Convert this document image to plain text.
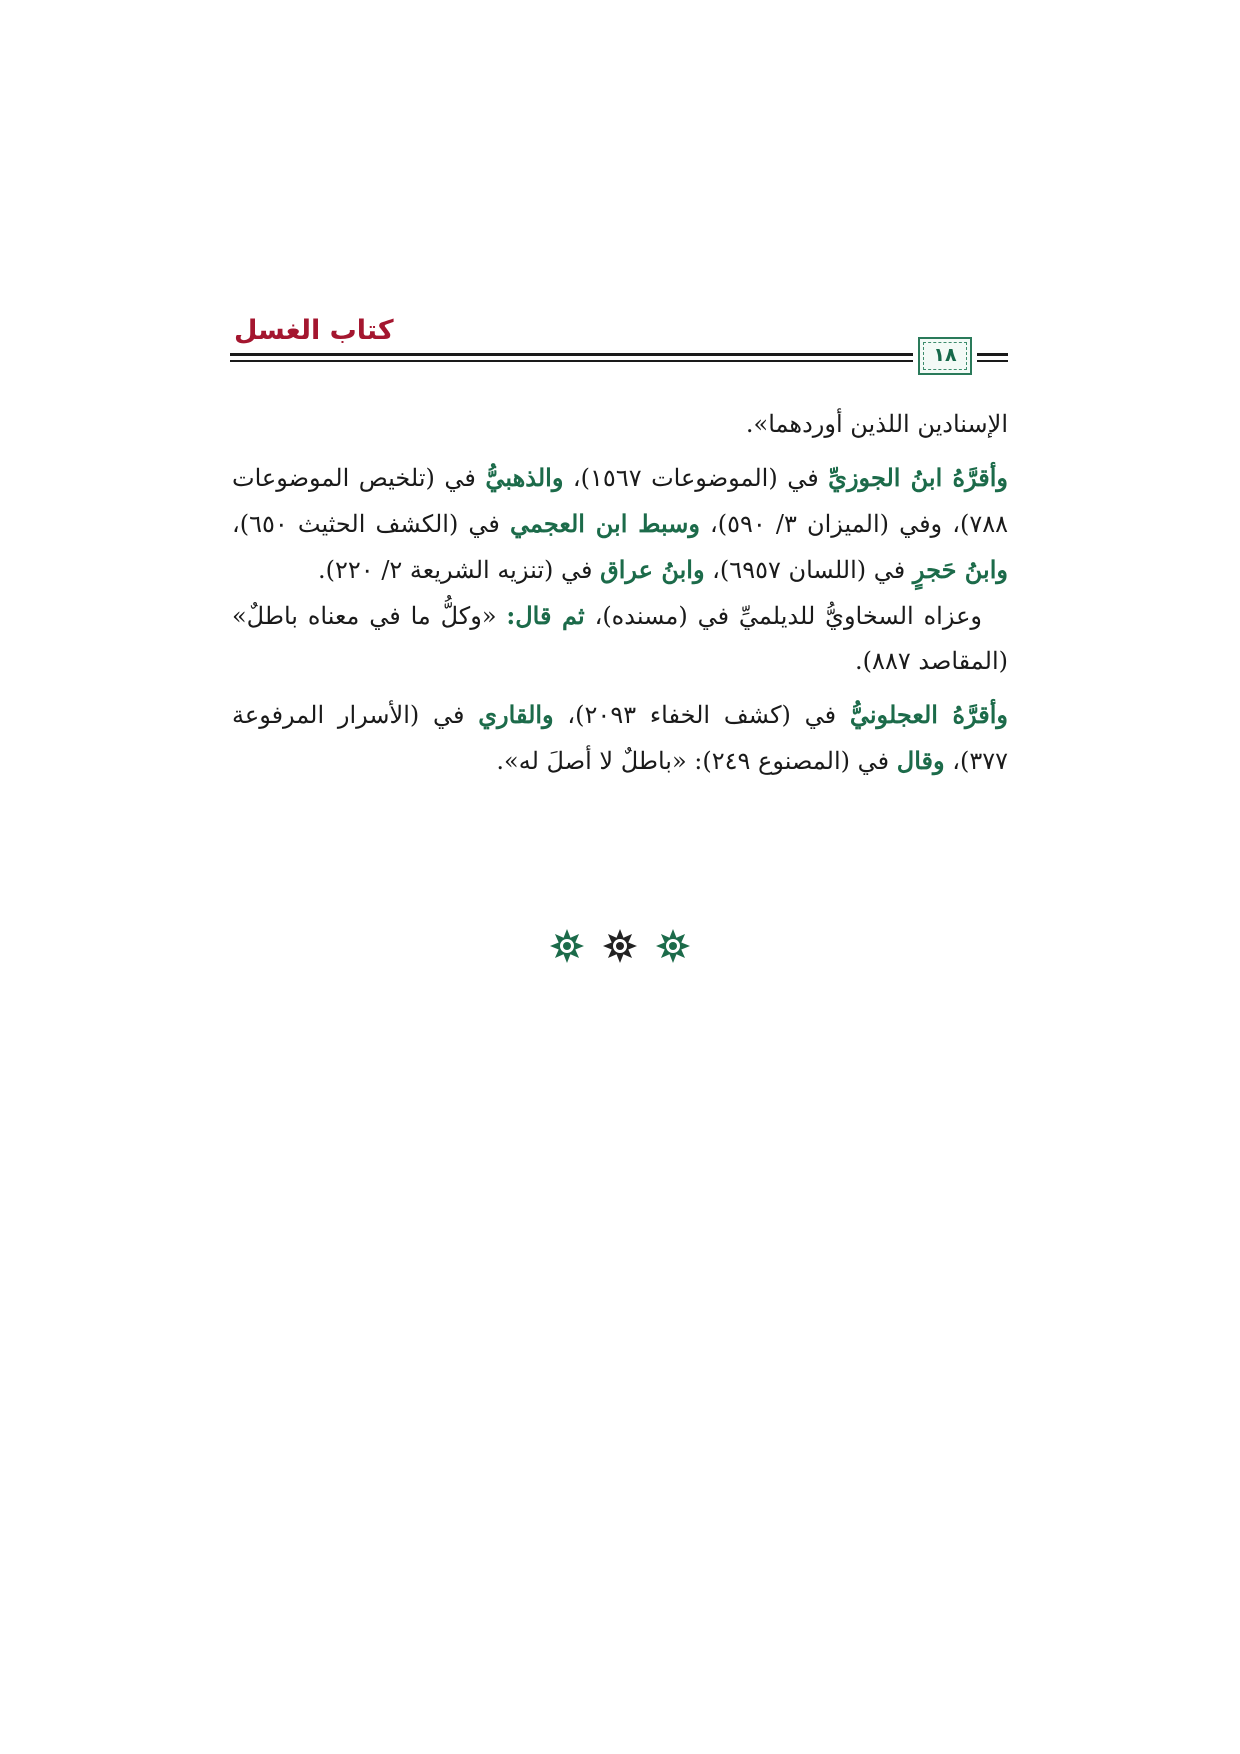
كتاب الغسل
١٨
الإسنادين اللذين أوردهما».
وأقرَّهُ ابنُ الجوزيِّ في (الموضوعات ١٥٦٧)، والذهبيُّ في (تلخيص الموضوعات ٧٨٨)، وفي (الميزان ٣/ ٥٩٠)، وسبط ابن العجمي في (الكشف الحثيث ٦٥٠)، وابنُ حَجرٍ في (اللسان ٦٩٥٧)، وابنُ عراق في (تنزيه الشريعة ٢/ ٢٢٠).
وعزاه السخاويُّ للديلميِّ في (مسنده)، ثم قال: «وكلُّ ما في معناه باطلٌ» (المقاصد ٨٨٧).
وأقرَّهُ العجلونيُّ في (كشف الخفاء ٢٠٩٣)، والقاري في (الأسرار المرفوعة ٣٧٧)، وقال في (المصنوع ٢٤٩): «باطلٌ لا أصلَ له».
